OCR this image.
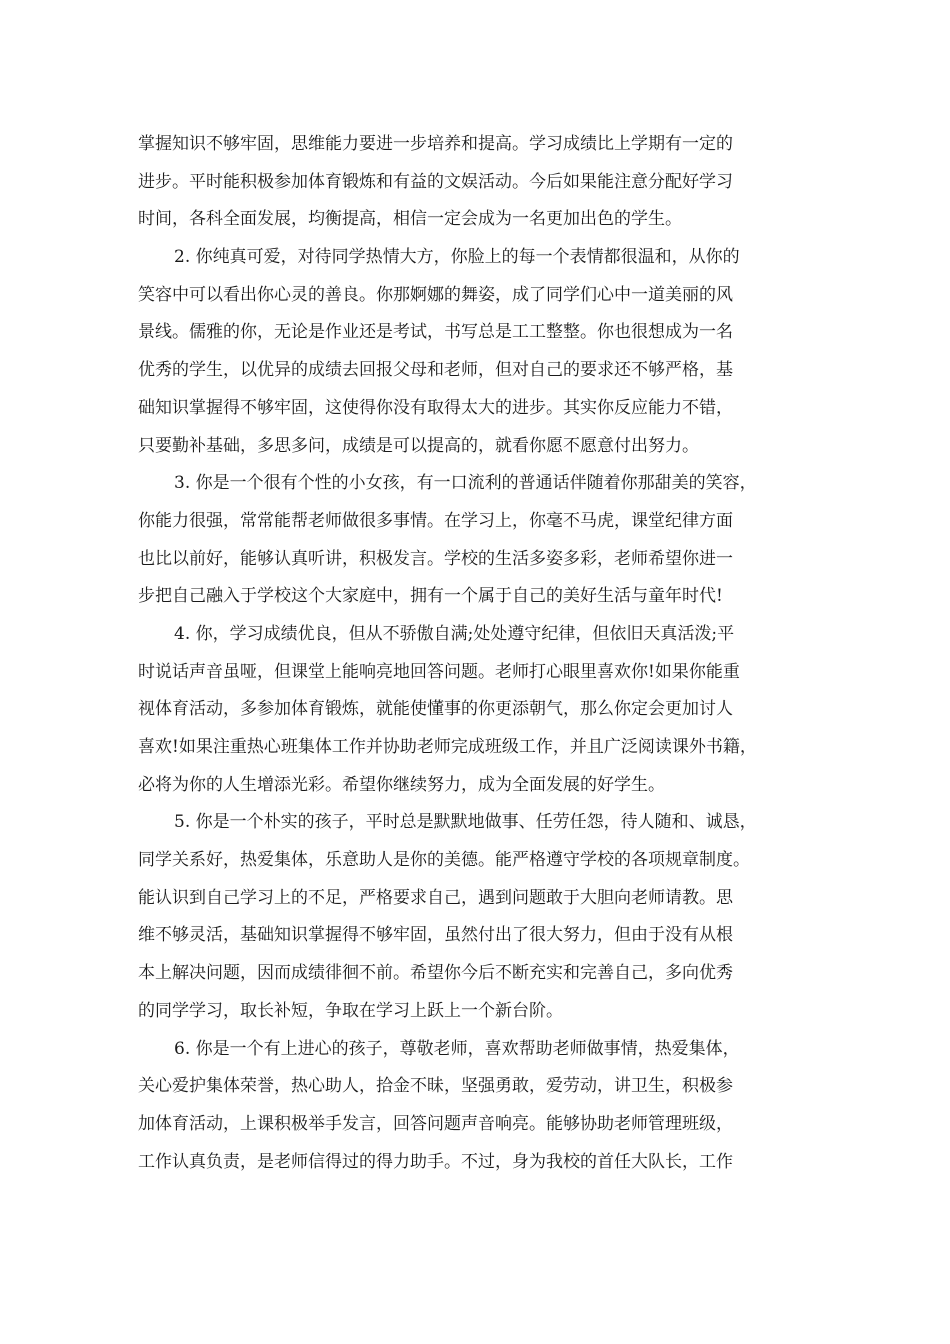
掌握知识不够牢固，思维能力要进一步培养和提高。学习成绩比上学期有一定的
进步。平时能积极参加体育锻炼和有益的文娱活动。今后如果能注意分配好学习
时间，各科全面发展，均衡提高，相信一定会成为一名更加出色的学生。
2. 你纯真可爱，对待同学热情大方，你脸上的每一个表情都很温和，从你的
笑容中可以看出你心灵的善良。你那婀娜的舞姿，成了同学们心中一道美丽的风
景线。儒雅的你，无论是作业还是考试，书写总是工工整整。你也很想成为一名
优秀的学生，以优异的成绩去回报父母和老师，但对自己的要求还不够严格，基
础知识掌握得不够牢固，这使得你没有取得太大的进步。其实你反应能力不错，
只要勤补基础，多思多问，成绩是可以提高的，就看你愿不愿意付出努力。
3. 你是一个很有个性的小女孩，有一口流利的普通话伴随着你那甜美的笑容，
你能力很强，常常能帮老师做很多事情。在学习上，你毫不马虎，课堂纪律方面
也比以前好，能够认真听讲，积极发言。学校的生活多姿多彩，老师希望你进一
步把自己融入于学校这个大家庭中，拥有一个属于自己的美好生活与童年时代!
4. 你，学习成绩优良，但从不骄傲自满;处处遵守纪律，但依旧天真活泼;平
时说话声音虽哑，但课堂上能响亮地回答问题。老师打心眼里喜欢你!如果你能重
视体育活动，多参加体育锻炼，就能使懂事的你更添朝气，那么你定会更加讨人
喜欢!如果注重热心班集体工作并协助老师完成班级工作，并且广泛阅读课外书籍，
必将为你的人生增添光彩。希望你继续努力，成为全面发展的好学生。
5. 你是一个朴实的孩子，平时总是默默地做事、任劳任怨，待人随和、诚恳，
同学关系好，热爱集体，乐意助人是你的美德。能严格遵守学校的各项规章制度。
能认识到自己学习上的不足，严格要求自己，遇到问题敢于大胆向老师请教。思
维不够灵活，基础知识掌握得不够牢固，虽然付出了很大努力，但由于没有从根
本上解决问题，因而成绩徘徊不前。希望你今后不断充实和完善自己，多向优秀
的同学学习，取长补短，争取在学习上跃上一个新台阶。
6. 你是一个有上进心的孩子，尊敬老师，喜欢帮助老师做事情，热爱集体，
关心爱护集体荣誉，热心助人，拾金不昧，坚强勇敢，爱劳动，讲卫生，积极参
加体育活动，上课积极举手发言，回答问题声音响亮。能够协助老师管理班级，
工作认真负责，是老师信得过的得力助手。不过，身为我校的首任大队长，工作
